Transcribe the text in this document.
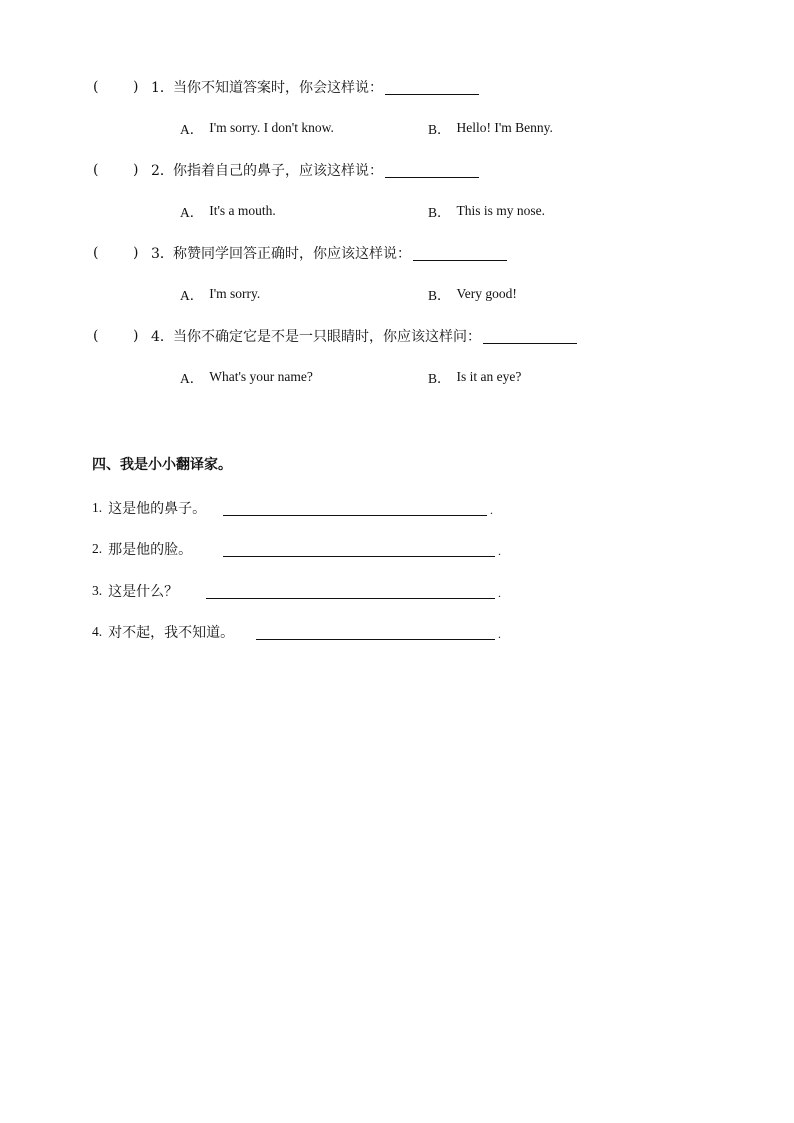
(	) 1． 当你不知道答案时，你会这样说：
A． I'm sorry. I don't know.	B． Hello! I'm Benny.
(	) 2． 你指着自己的鼻子，应该这样说：
A． It's a mouth.	B． This is my nose.
(	) 3． 称赞同学回答正确时，你应该这样说：
A． I'm sorry.	B． Very good!
(	) 4． 当你不确定它是不是一只眼睛时，你应该这样问：
A． What's your name?	B． Is it an eye?
四、我是小小翻译家。
1. 这是他的鼻子。	.
2. 那是他的脸。	.
3. 这是什么？	.
4. 对不起，我不知道。	.
